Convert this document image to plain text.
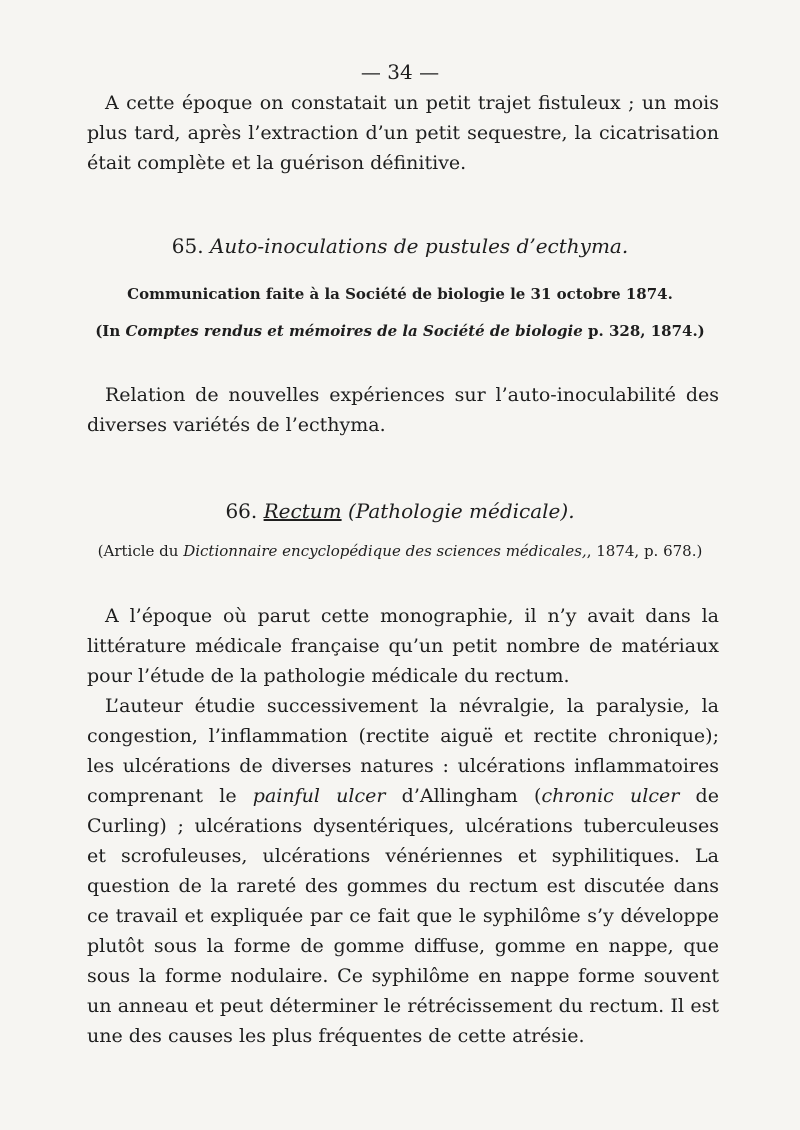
— 34 —

A cette époque on constatait un petit trajet fistuleux ; un mois plus tard, après l’extraction d’un petit sequestre, la cicatrisation était complète et la guérison définitive.

65. Auto-inoculations de pustules d’ecthyma.
Communication faite à la Société de biologie le 31 octobre 1874.
(In Comptes rendus et mémoires de la Société de biologie p. 328, 1874.)

Relation de nouvelles expériences sur l’auto-inoculabilité des diverses variétés de l’ecthyma.

66. Rectum (Pathologie médicale).
(Article du Dictionnaire encyclopédique des sciences médicales,, 1874, p. 678.)

A l’époque où parut cette monographie, il n’y avait dans la littérature médicale française qu’un petit nombre de matériaux pour l’étude de la pathologie médicale du rectum.

L’auteur étudie successivement la névralgie, la paralysie, la congestion, l’inflammation (rectite aiguë et rectite chronique); les ulcérations de diverses natures : ulcérations inflammatoires comprenant le painful ulcer d’Allingham (chronic ulcer de Curling) ; ulcérations dysentériques, ulcérations tuberculeuses et scrofuleuses, ulcérations vénériennes et syphilitiques. La question de la rareté des gommes du rectum est discutée dans ce travail et expliquée par ce fait que le syphilôme s’y développe plutôt sous la forme de gomme diffuse, gomme en nappe, que sous la forme nodulaire. Ce syphilôme en nappe forme souvent un anneau et peut déterminer le rétrécissement du rectum. Il est une des causes les plus fréquentes de cette atrésie.
